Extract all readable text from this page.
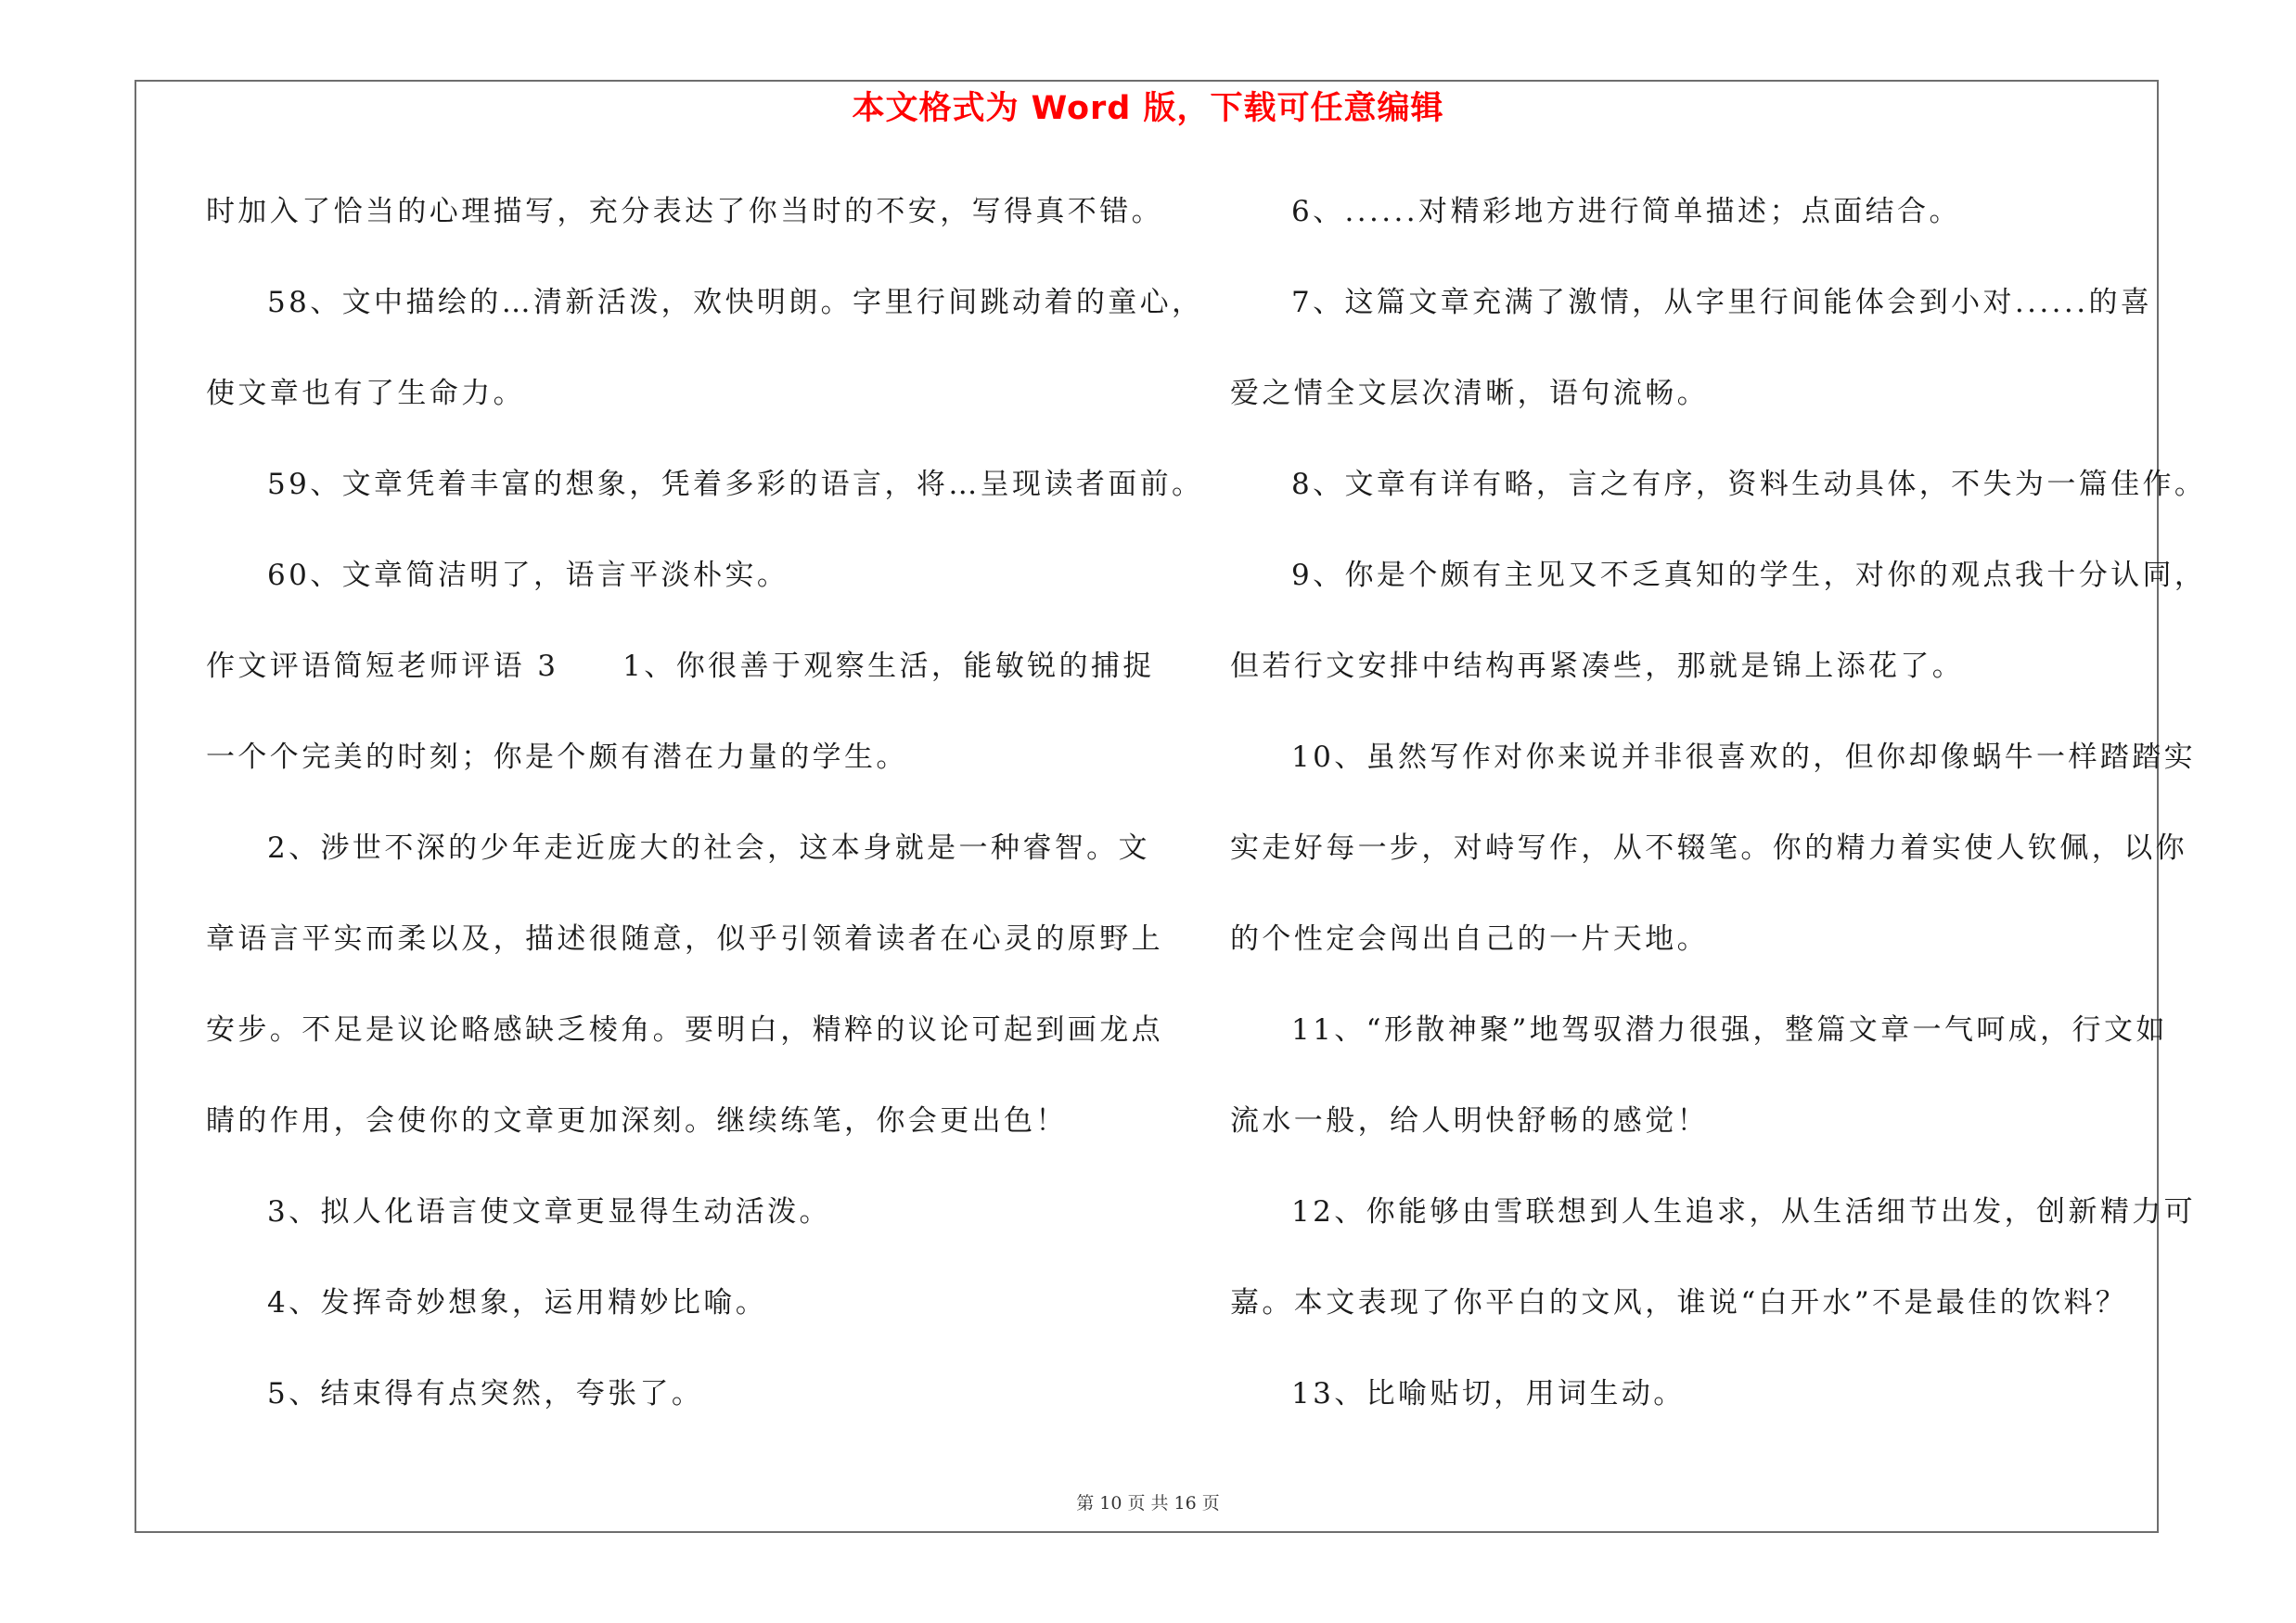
本文格式为 Word 版，下载可任意编辑
时加入了恰当的心理描写，充分表达了你当时的不安，写得真不错。
58、文中描绘的…清新活泼，欢快明朗。字里行间跳动着的童心，
使文章也有了生命力。
59、文章凭着丰富的想象，凭着多彩的语言，将…呈现读者面前。
60、文章简洁明了，语言平淡朴实。
作文评语简短老师评语 3　　1、你很善于观察生活，能敏锐的捕捉
一个个完美的时刻；你是个颇有潜在力量的学生。
2、涉世不深的少年走近庞大的社会，这本身就是一种睿智。文
章语言平实而柔以及，描述很随意，似乎引领着读者在心灵的原野上
安步。不足是议论略感缺乏棱角。要明白，精粹的议论可起到画龙点
睛的作用，会使你的文章更加深刻。继续练笔，你会更出色！
3、拟人化语言使文章更显得生动活泼。
4、发挥奇妙想象，运用精妙比喻。
5、结束得有点突然，夸张了。
6、......对精彩地方进行简单描述；点面结合。
7、这篇文章充满了激情，从字里行间能体会到小对......的喜
爱之情全文层次清晰，语句流畅。
8、文章有详有略，言之有序，资料生动具体，不失为一篇佳作。
9、你是个颇有主见又不乏真知的学生，对你的观点我十分认同，
但若行文安排中结构再紧凑些，那就是锦上添花了。
10、虽然写作对你来说并非很喜欢的，但你却像蜗牛一样踏踏实
实走好每一步，对峙写作，从不辍笔。你的精力着实使人钦佩，以你
的个性定会闯出自己的一片天地。
11、“形散神聚”地驾驭潜力很强，整篇文章一气呵成，行文如
流水一般，给人明快舒畅的感觉！
12、你能够由雪联想到人生追求，从生活细节出发，创新精力可
嘉。本文表现了你平白的文风，谁说“白开水”不是最佳的饮料？
13、比喻贴切，用词生动。
第 10 页 共 16 页
